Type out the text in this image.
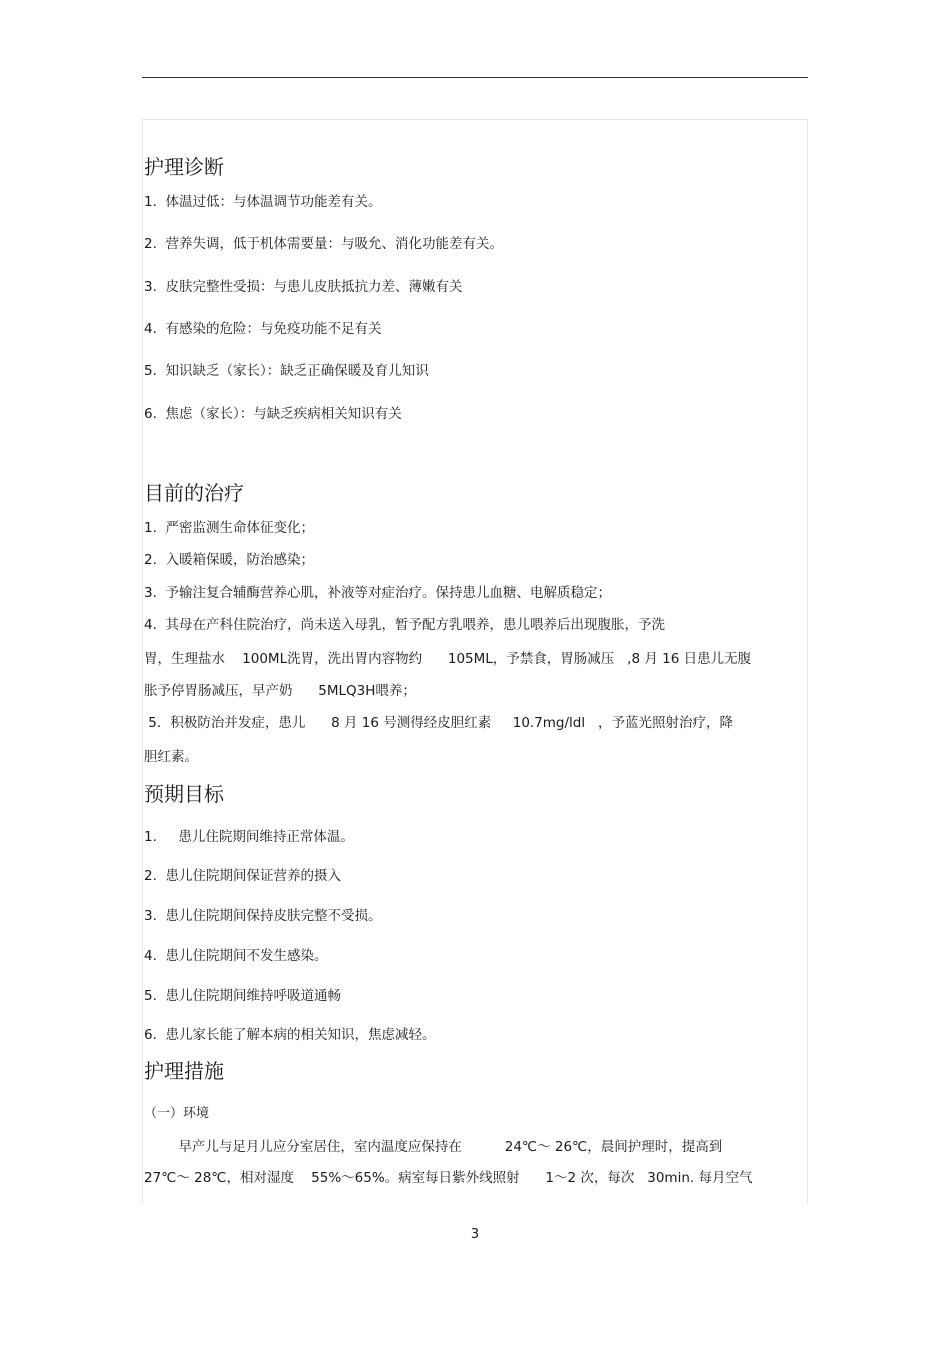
护理诊断
1.  体温过低：与体温调节功能差有关。
2.  营养失调，低于机体需要量：与吸允、消化功能差有关。
3.  皮肤完整性受损：与患儿皮肤抵抗力差、薄嫩有关
4.  有感染的危险：与免疫功能不足有关
5.  知识缺乏（家长）：缺乏正确保暖及育儿知识
6.  焦虑（家长）：与缺乏疾病相关知识有关
目前的治疗
1.  严密监测生命体征变化；
2.  入暖箱保暖，防治感染；
3.  予输注复合辅酶营养心肌，补液等对症治疗。保持患儿血糖、电解质稳定；
4.  其母在产科住院治疗，尚未送入母乳，暂予配方乳喂养，患儿喂养后出现腹胀，予洗
胃，生理盐水    100ML洗胃，洗出胃内容物约      105ML，予禁食，胃肠减压   ,8 月 16 日患儿无腹
胀予停胃肠减压，早产奶      5MLQ3H喂养；
5．积极防治并发症，患儿      8 月 16 号测得经皮胆红素     10.7mg/ldl   ，予蓝光照射治疗，降
胆红素。
预期目标
1.     患儿住院期间维持正常体温。
2.  患儿住院期间保证营养的摄入
3.  患儿住院期间保持皮肤完整不受损。
4.  患儿住院期间不发生感染。
5.  患儿住院期间维持呼吸道通畅
6.  患儿家长能了解本病的相关知识，焦虑减轻。
护理措施
（一）环境
早产儿与足月儿应分室居住，室内温度应保持在          24℃～ 26℃，晨间护理时，提高到
27℃～ 28℃，相对湿度    55%～65%。病室每日紫外线照射      1～2 次，每次   30min. 每月空气
3
